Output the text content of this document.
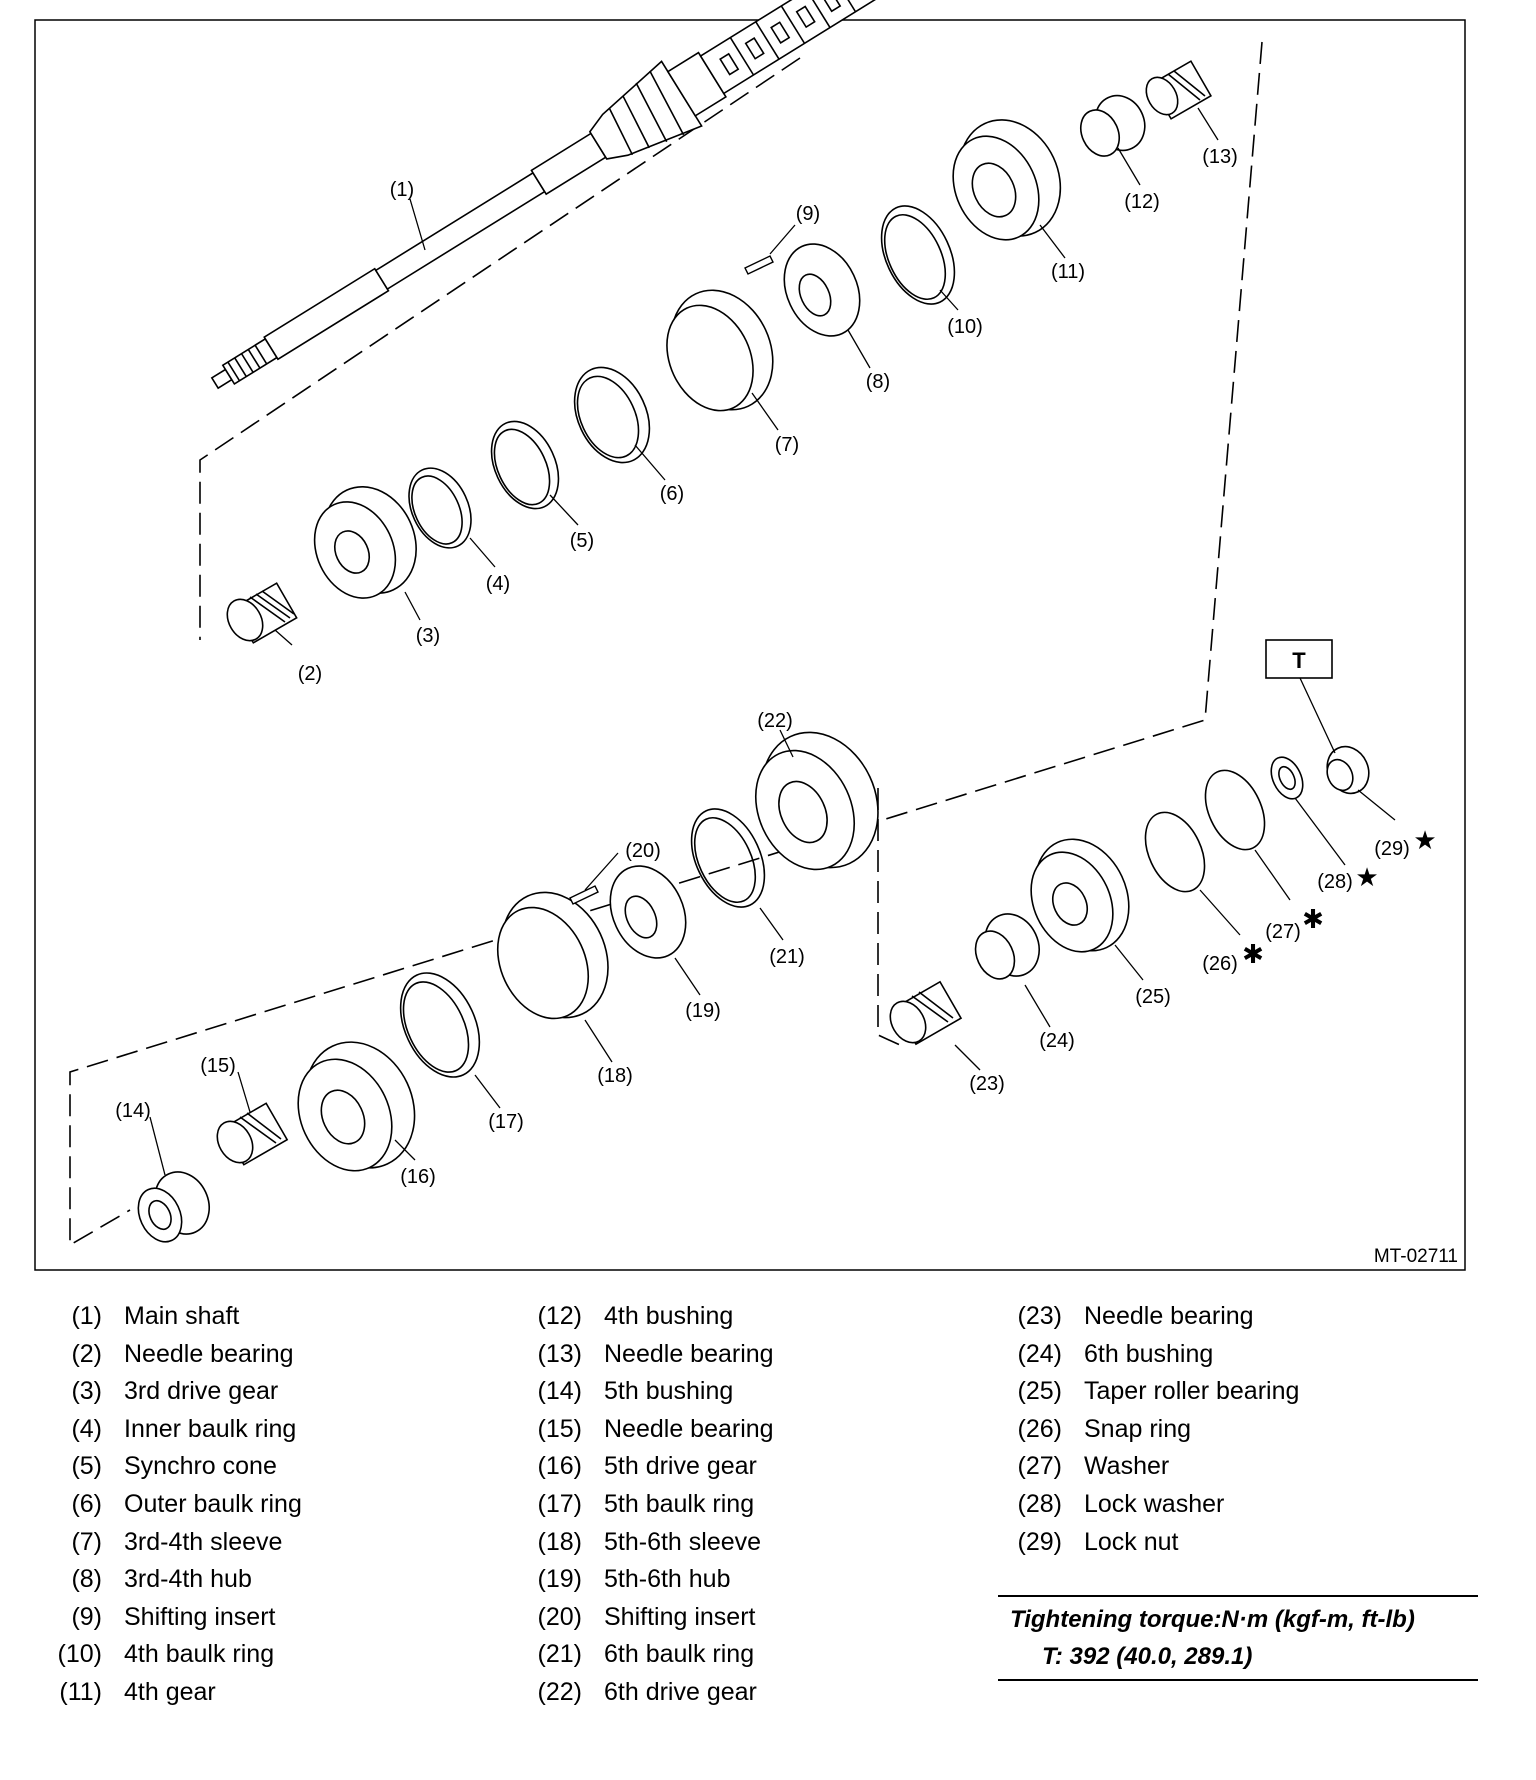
T
(1)
(2)
(3)
(4)
(5)
(6)
(7)
(8)
(9)
(10)
(11)
(12)
(13)
(14)
(15)
(16)
(17)
(18)
(19)
(20)
(21)
(22)
(23)
(24)
(25)
(26)
(27)
(28)
(29)
✱
✱
★
★
MT-02711
(1) Main shaft
(2) Needle bearing
(3) 3rd drive gear
(4) Inner baulk ring
(5) Synchro cone
(6) Outer baulk ring
(7) 3rd-4th sleeve
(8) 3rd-4th hub
(9) Shifting insert
(10) 4th baulk ring
(11) 4th gear
(12) 4th bushing
(13) Needle bearing
(14) 5th bushing
(15) Needle bearing
(16) 5th drive gear
(17) 5th baulk ring
(18) 5th-6th sleeve
(19) 5th-6th hub
(20) Shifting insert
(21) 6th baulk ring
(22) 6th drive gear
(23) Needle bearing
(24) 6th bushing
(25) Taper roller bearing
(26) Snap ring
(27) Washer
(28) Lock washer
(29) Lock nut
Tightening torque:N·m (kgf-m, ft-lb)
T: 392 (40.0, 289.1)
